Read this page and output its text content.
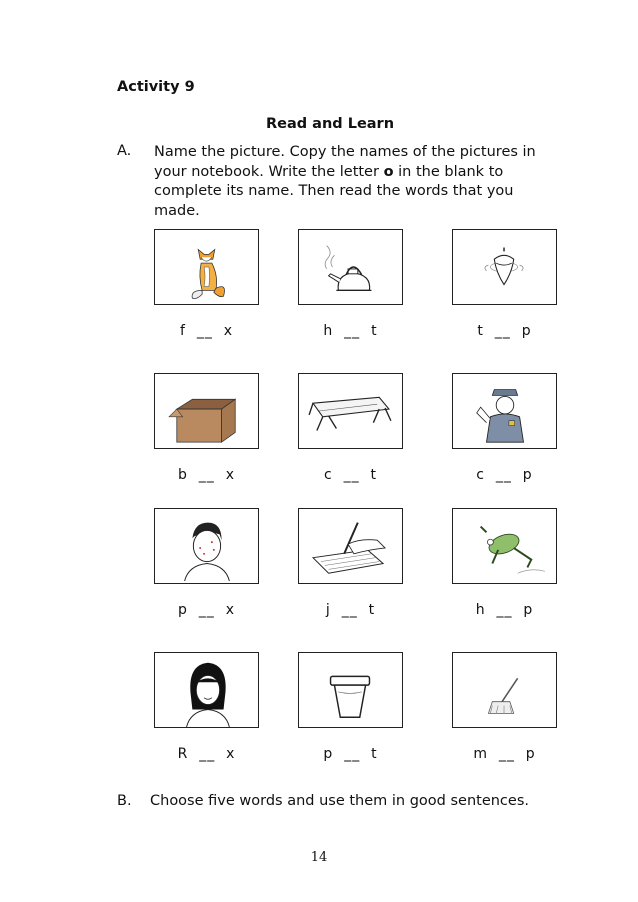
Activity 9
Read and Learn
A. Name the picture. Copy the names of the pictures in your notebook. Write the letter o in the blank to complete its name. Then read the words that you made.
f  __  x	h  __  t	t  __  p
b  __  x	c  __  t	c  __  p
p  __  x	j  __  t	h  __  p
R  __  x	p  __  t	m  __  p
B. Choose five words and use them in good sentences.
14
